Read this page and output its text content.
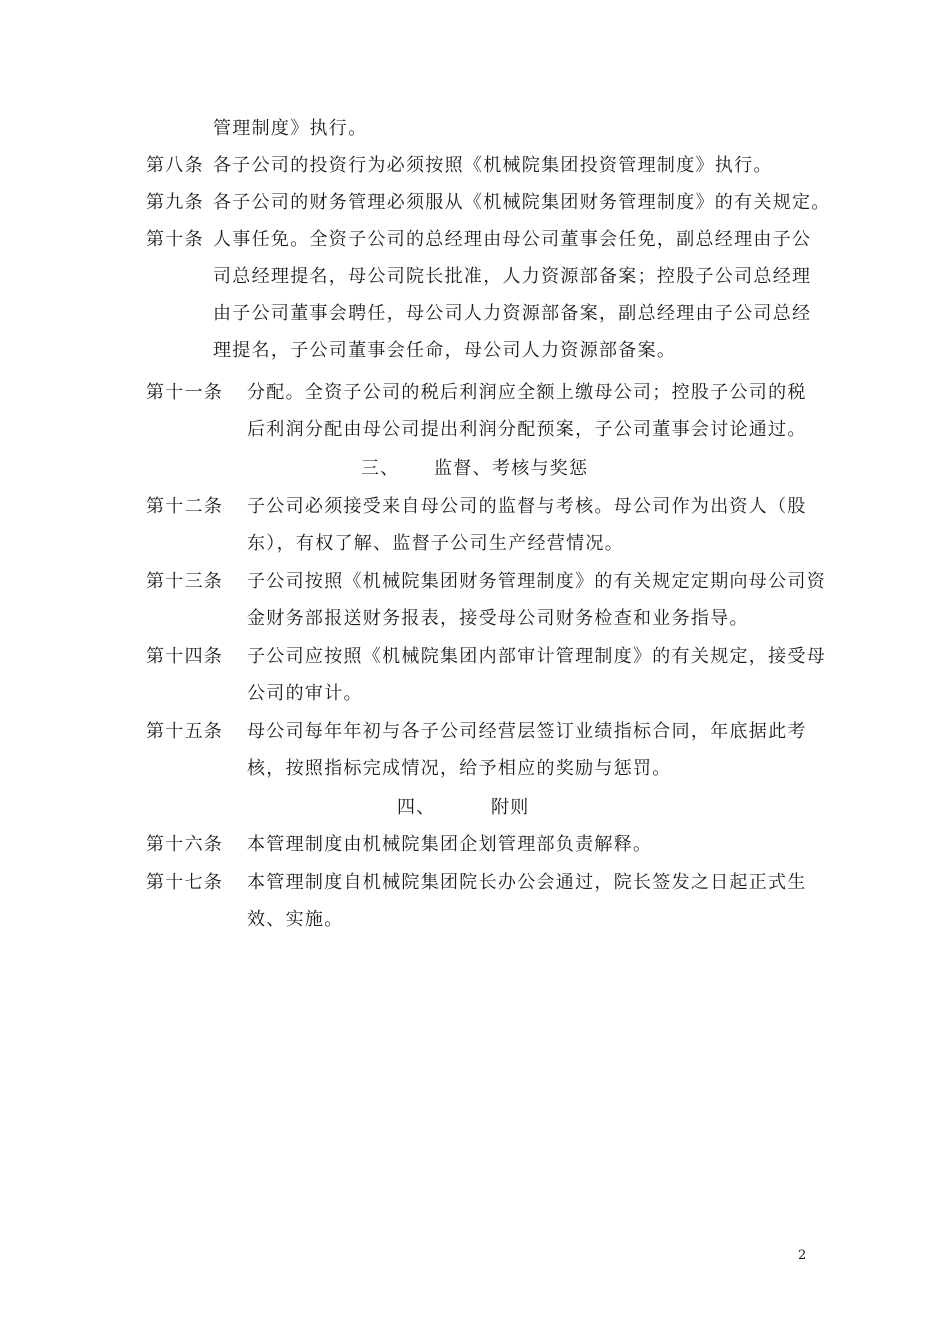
管理制度》执行。
第八条 各子公司的投资行为必须按照《机械院集团投资管理制度》执行。
第九条 各子公司的财务管理必须服从《机械院集团财务管理制度》的有关规定。
第十条 人事任免。全资子公司的总经理由母公司董事会任免，副总经理由子公
司总经理提名，母公司院长批准，人力资源部备案；控股子公司总经理
由子公司董事会聘任，母公司人力资源部备案，副总经理由子公司总经
理提名，子公司董事会任命，母公司人力资源部备案。
第十一条 分配。全资子公司的税后利润应全额上缴母公司；控股子公司的税
后利润分配由母公司提出利润分配预案，子公司董事会讨论通过。
三、 监督、考核与奖惩
第十二条 子公司必须接受来自母公司的监督与考核。母公司作为出资人（股
东），有权了解、监督子公司生产经营情况。
第十三条 子公司按照《机械院集团财务管理制度》的有关规定定期向母公司资
金财务部报送财务报表，接受母公司财务检查和业务指导。
第十四条 子公司应按照《机械院集团内部审计管理制度》的有关规定，接受母
公司的审计。
第十五条 母公司每年年初与各子公司经营层签订业绩指标合同，年底据此考
核，按照指标完成情况，给予相应的奖励与惩罚。
四、	附则
第十六条 本管理制度由机械院集团企划管理部负责解释。
第十七条 本管理制度自机械院集团院长办公会通过，院长签发之日起正式生
效、实施。
2
